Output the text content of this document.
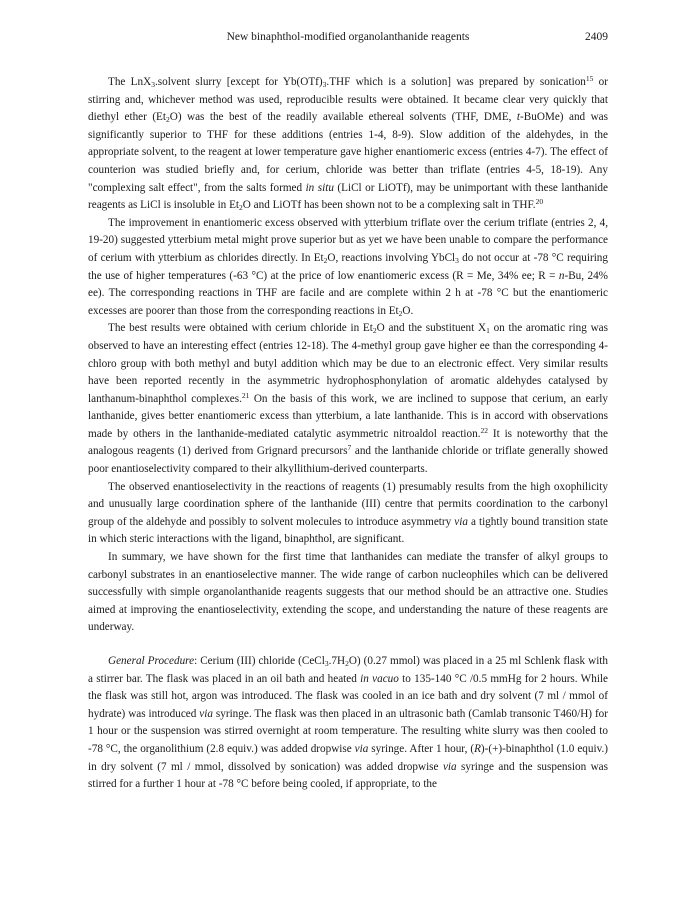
New binaphthol-modified organolanthanide reagents	2409

The LnX$_3$.solvent slurry [except for $Yb(OTf)_3.THF$ which is a solution] was prepared by sonication$^{15}$ or stirring and, whichever method was used, reproducible results were obtained. It became clear very quickly that diethyl ether $(Et_2O)$ was the best of the readily available ethereal solvents (THF, DME, t-BuOMe) and was significantly superior to THF for these additions (entries 1-4, 8-9). Slow addition of the aldehydes, in the appropriate solvent, to the reagent at lower temperature gave higher enantiomeric excess (entries 4-7). The effect of counterion was studied briefly and, for cerium, chloride was better than triflate (entries 4-5, 18-19). Any "complexing salt effect", from the salts formed in situ (LiCl or LiOTf), may be unimportant with these lanthanide reagents as LiCl is insoluble in $Et_2O$ and LiOTf has been shown not to be a complexing salt in THF.$^{20}$

The improvement in enantiomeric excess observed with ytterbium triflate over the cerium triflate (entries 2, 4, 19-20) suggested ytterbium metal might prove superior but as yet we have been unable to compare the performance of cerium with ytterbium as chlorides directly. In $Et_2O$, reactions involving YbCl$_3$ do not occur at -78 °C requiring the use of higher temperatures (-63 °C) at the price of low enantiomeric excess (R = Me, 34% ee; R = n-Bu, 24% ee). The corresponding reactions in THF are facile and are complete within 2 h at -78 °C but the enantiomeric excesses are poorer than those from the corresponding reactions in $Et_2O$.

The best results were obtained with cerium chloride in $Et_2O$ and the substituent $X_1$ on the aromatic ring was observed to have an interesting effect (entries 12-18). The 4-methyl group gave higher ee than the corresponding 4-chloro group with both methyl and butyl addition which may be due to an electronic effect. Very similar results have been reported recently in the asymmetric hydrophosphonylation of aromatic aldehydes catalysed by lanthanum-binaphthol complexes.$^{21}$ On the basis of this work, we are inclined to suppose that cerium, an early lanthanide, gives better enantiomeric excess than ytterbium, a late lanthanide. This is in accord with observations made by others in the lanthanide-mediated catalytic asymmetric nitroaldol reaction.$^{22}$ It is noteworthy that the analogous reagents (1) derived from Grignard precursors$^7$ and the lanthanide chloride or triflate generally showed poor enantioselectivity compared to their alkyllithium-derived counterparts.

The observed enantioselectivity in the reactions of reagents (1) presumably results from the high oxophilicity and unusually large coordination sphere of the lanthanide (III) centre that permits coordination to the carbonyl group of the aldehyde and possibly to solvent molecules to introduce asymmetry via a tightly bound transition state in which steric interactions with the ligand, binaphthol, are significant.

In summary, we have shown for the first time that lanthanides can mediate the transfer of alkyl groups to carbonyl substrates in an enantioselective manner. The wide range of carbon nucleophiles which can be delivered successfully with simple organolanthanide reagents suggests that our method should be an attractive one. Studies aimed at improving the enantioselectivity, extending the scope, and understanding the nature of these reagents are underway.

General Procedure: Cerium (III) chloride $(CeCl_3.7H_2O)$ (0.27 mmol) was placed in a 25 ml Schlenk flask with a stirrer bar. The flask was placed in an oil bath and heated in vacuo to 135-140 °C /0.5 mmHg for 2 hours. While the flask was still hot, argon was introduced. The flask was cooled in an ice bath and dry solvent (7 ml / mmol of hydrate) was introduced via syringe. The flask was then placed in an ultrasonic bath (Camlab transonic T460/H) for 1 hour or the suspension was stirred overnight at room temperature. The resulting white slurry was then cooled to -78 °C, the organolithium (2.8 equiv.) was added dropwise via syringe. After 1 hour, (R)-(+)-binaphthol (1.0 equiv.) in dry solvent (7 ml / mmol, dissolved by sonication) was added dropwise via syringe and the suspension was stirred for a further 1 hour at -78 °C before being cooled, if appropriate, to the
